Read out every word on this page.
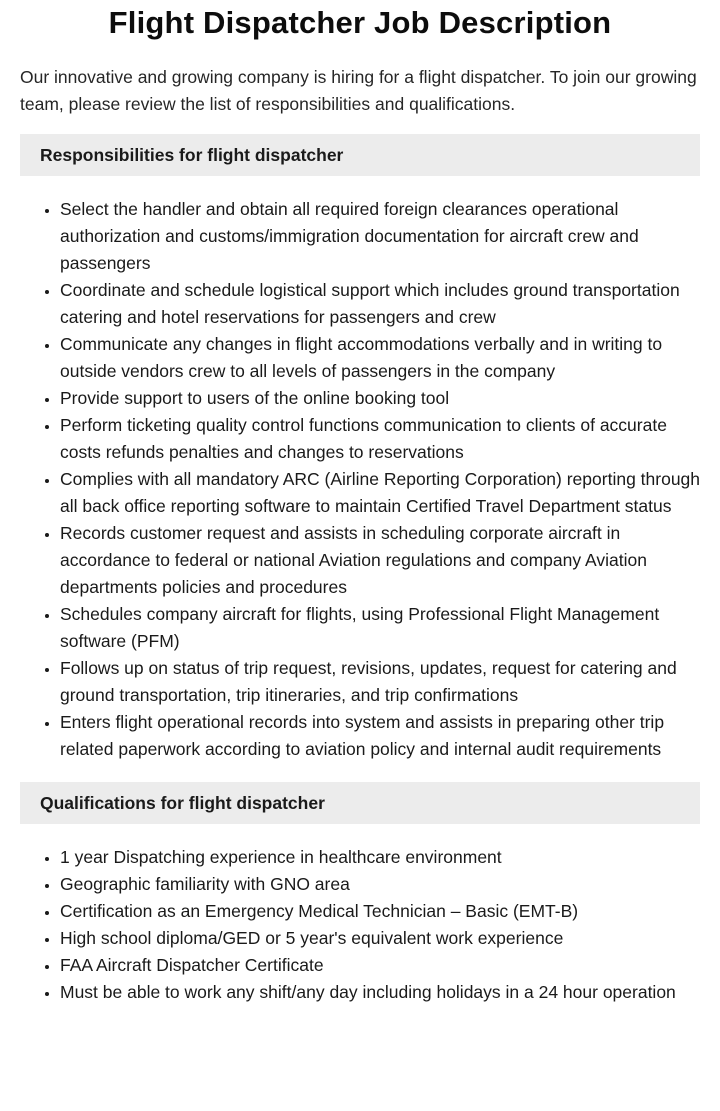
Flight Dispatcher Job Description

Our innovative and growing company is hiring for a flight dispatcher. To join our growing team, please review the list of responsibilities and qualifications.

Responsibilities for flight dispatcher
• Select the handler and obtain all required foreign clearances operational authorization and customs/immigration documentation for aircraft crew and passengers
• Coordinate and schedule logistical support which includes ground transportation catering and hotel reservations for passengers and crew
• Communicate any changes in flight accommodations verbally and in writing to outside vendors crew to all levels of passengers in the company
• Provide support to users of the online booking tool
• Perform ticketing quality control functions communication to clients of accurate costs refunds penalties and changes to reservations
• Complies with all mandatory ARC (Airline Reporting Corporation) reporting through all back office reporting software to maintain Certified Travel Department status
• Records customer request and assists in scheduling corporate aircraft in accordance to federal or national Aviation regulations and company Aviation departments policies and procedures
• Schedules company aircraft for flights, using Professional Flight Management software (PFM)
• Follows up on status of trip request, revisions, updates, request for catering and ground transportation, trip itineraries, and trip confirmations
• Enters flight operational records into system and assists in preparing other trip related paperwork according to aviation policy and internal audit requirements
Qualifications for flight dispatcher
• 1 year Dispatching experience in healthcare environment
• Geographic familiarity with GNO area
• Certification as an Emergency Medical Technician – Basic (EMT-B)
• High school diploma/GED or 5 year's equivalent work experience
• FAA Aircraft Dispatcher Certificate
• Must be able to work any shift/any day including holidays in a 24 hour operation
